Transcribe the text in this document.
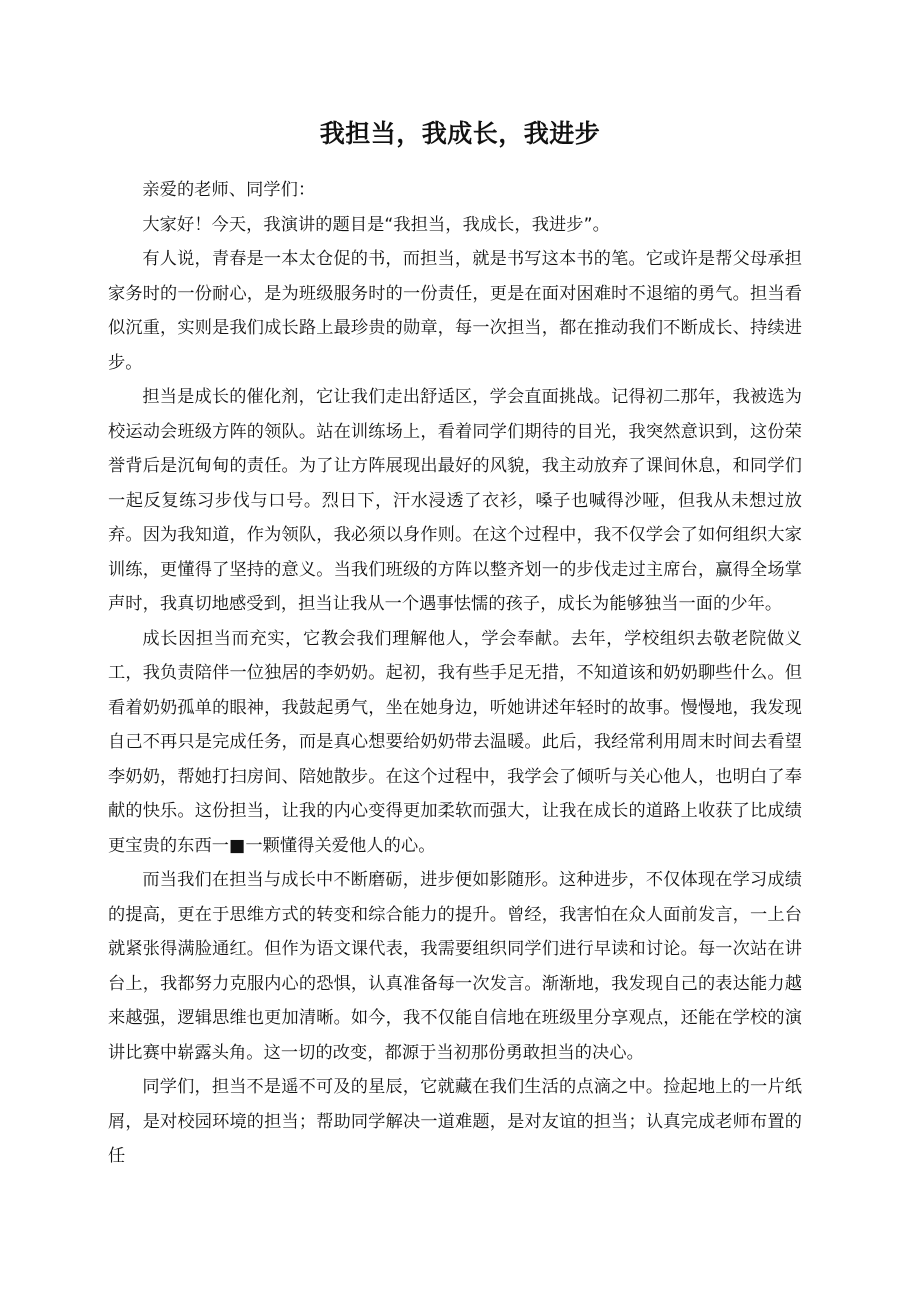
我担当，我成长，我进步

亲爱的老师、同学们：

大家好！今天，我演讲的题目是“我担当，我成长，我进步”。

有人说，青春是一本太仓促的书，而担当，就是书写这本书的笔。它或许是帮父母承担家务时的一份耐心，是为班级服务时的一份责任，更是在面对困难时不退缩的勇气。担当看似沉重，实则是我们成长路上最珍贵的勋章，每一次担当，都在推动我们不断成长、持续进步。

担当是成长的催化剂，它让我们走出舒适区，学会直面挑战。记得初二那年，我被选为校运动会班级方阵的领队。站在训练场上，看着同学们期待的目光，我突然意识到，这份荣誉背后是沉甸甸的责任。为了让方阵展现出最好的风貌，我主动放弃了课间休息，和同学们一起反复练习步伐与口号。烈日下，汗水浸透了衣衫，嗓子也喊得沙哑，但我从未想过放弃。因为我知道，作为领队，我必须以身作则。在这个过程中，我不仅学会了如何组织大家训练，更懂得了坚持的意义。当我们班级的方阵以整齐划一的步伐走过主席台，赢得全场掌声时，我真切地感受到，担当让我从一个遇事怯懦的孩子，成长为能够独当一面的少年。

成长因担当而充实，它教会我们理解他人，学会奉献。去年，学校组织去敬老院做义工，我负责陪伴一位独居的李奶奶。起初，我有些手足无措，不知道该和奶奶聊些什么。但看着奶奶孤单的眼神，我鼓起勇气，坐在她身边，听她讲述年轻时的故事。慢慢地，我发现自己不再只是完成任务，而是真心想要给奶奶带去温暖。此后，我经常利用周末时间去看望李奶奶，帮她打扫房间、陪她散步。在这个过程中，我学会了倾听与关心他人，也明白了奉献的快乐。这份担当，让我的内心变得更加柔软而强大，让我在成长的道路上收获了比成绩更宝贵的东西一■一颗懂得关爱他人的心。

而当我们在担当与成长中不断磨砺，进步便如影随形。这种进步，不仅体现在学习成绩的提高，更在于思维方式的转变和综合能力的提升。曾经，我害怕在众人面前发言，一上台就紧张得满脸通红。但作为语文课代表，我需要组织同学们进行早读和讨论。每一次站在讲台上，我都努力克服内心的恐惧，认真准备每一次发言。渐渐地，我发现自己的表达能力越来越强，逻辑思维也更加清晰。如今，我不仅能自信地在班级里分享观点，还能在学校的演讲比赛中崭露头角。这一切的改变，都源于当初那份勇敢担当的决心。

同学们，担当不是遥不可及的星辰，它就藏在我们生活的点滴之中。捡起地上的一片纸屑，是对校园环境的担当；帮助同学解决一道难题，是对友谊的担当；认真完成老师布置的任
